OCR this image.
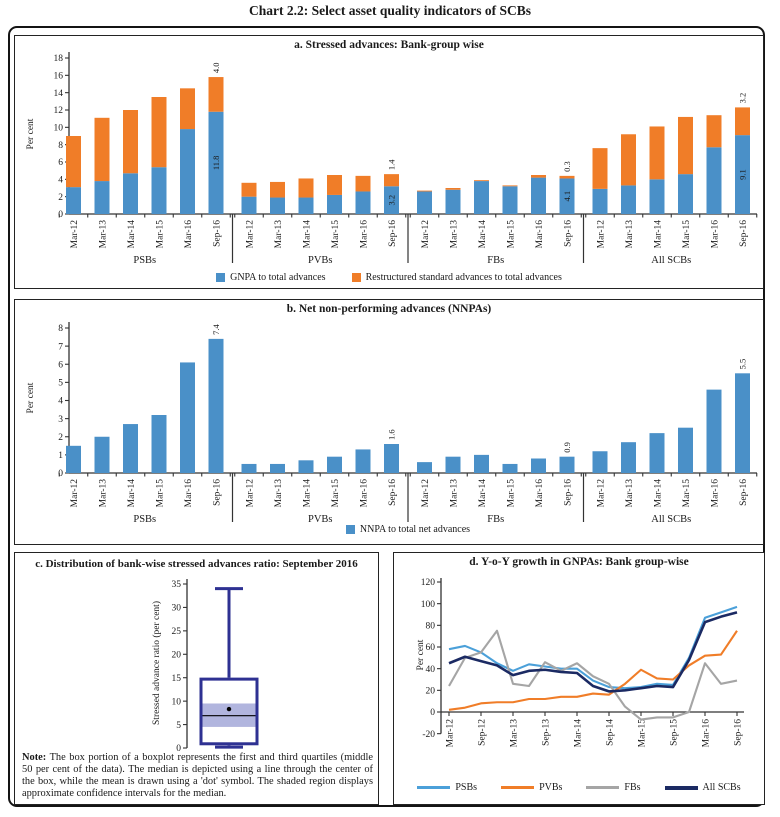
Chart 2.2: Select asset quality indicators of SCBs
a. Stressed advances: Bank-group wise
Per cent
0
2
4
6
8
10
12
14
16
18
Mar-12 Mar-13 Mar-14 Mar-15 Mar-16 Sep-16
PSBs
Mar-12 Mar-13 Mar-14 Mar-15 Mar-16 Sep-16
PVBs
Mar-12 Mar-13 Mar-14 Mar-15 Mar-16 Sep-16
FBs
Mar-12 Mar-13 Mar-14 Mar-15 Mar-16 Sep-16
All SCBs
11.8
4.0
3.2
1.4
4.1
0.3
9.1
3.2
GNPA to total advances	Restructured standard advances to total advances
b. Net non-performing advances (NNPAs)
Per cent
0
1
2
3
4
5
6
7
8
Mar-12 Mar-13 Mar-14 Mar-15 Mar-16 Sep-16
PSBs
Mar-12 Mar-13 Mar-14 Mar-15 Mar-16 Sep-16
PVBs
Mar-12 Mar-13 Mar-14 Mar-15 Mar-16 Sep-16
FBs
Mar-12 Mar-13 Mar-14 Mar-15 Mar-16 Sep-16
All SCBs
7.4
1.6
0.9
5.5
NNPA to total net advances
c. Distribution of bank-wise stressed advances ratio: September 2016
Stressed advance ratio (per cent)
0
5
10
15
20
25
30
35
Note: The box portion of a boxplot represents the first and third quartiles (middle 50 per cent of the data). The median is depicted using a line through the center of the box, while the mean is drawn using a 'dot' symbol. The shaded region displays approximate confidence intervals for the median.
d. Y-o-Y growth in GNPAs: Bank group-wise
Per cent
-20
0
20
40
60
80
100
120
Mar-12 Sep-12 Mar-13 Sep-13 Mar-14 Sep-14 Mar-15 Sep-15 Mar-16 Sep-16
PSBs	PVBs	FBs	All SCBs
